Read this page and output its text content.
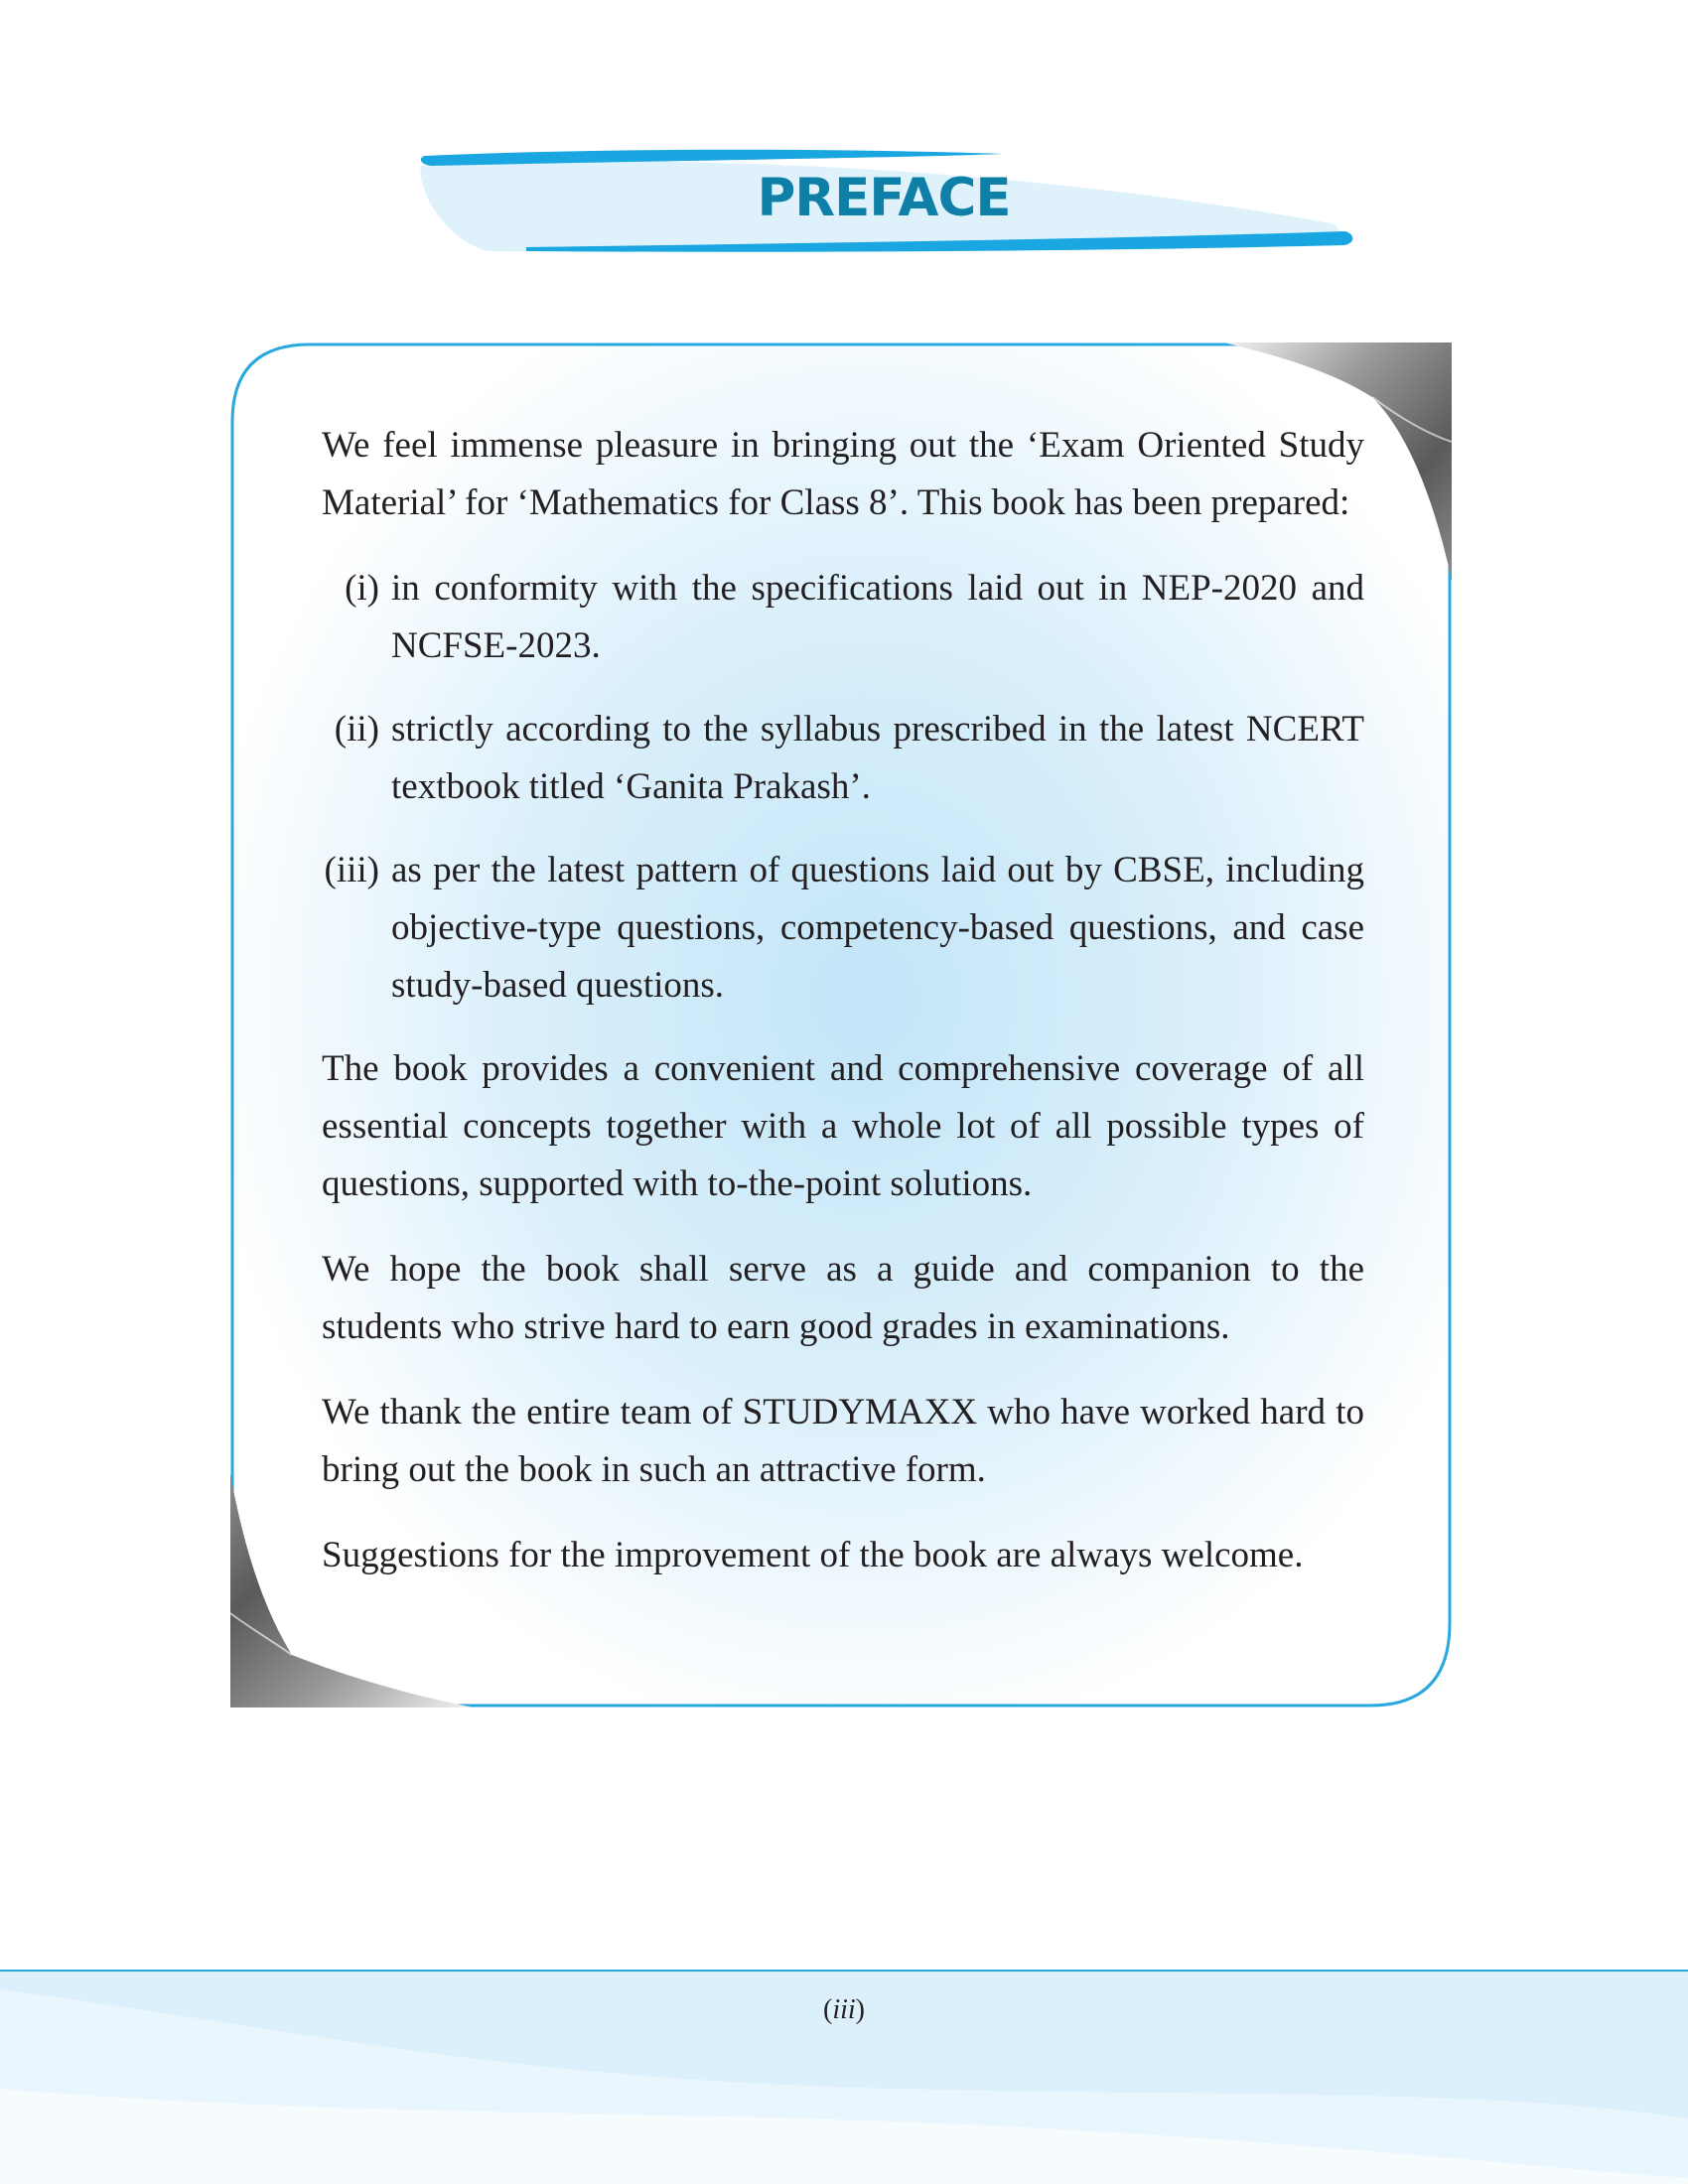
PREFACE

We feel immense pleasure in bringing out the ‘Exam Oriented Study Material’ for ‘Mathematics for Class 8’. This book has been prepared:

(i) in conformity with the specifications laid out in NEP-2020 and NCFSE-2023.
(ii) strictly according to the syllabus prescribed in the latest NCERT textbook titled ‘Ganita Prakash’.
(iii) as per the latest pattern of questions laid out by CBSE, including objective-type questions, competency-based questions, and case study-based questions.

The book provides a convenient and comprehensive coverage of all essential concepts together with a whole lot of all possible types of questions, supported with to-the-point solutions.

We hope the book shall serve as a guide and companion to the students who strive hard to earn good grades in examinations.

We thank the entire team of STUDYMAXX who have worked hard to bring out the book in such an attractive form.

Suggestions for the improvement of the book are always welcome.

(iii)
